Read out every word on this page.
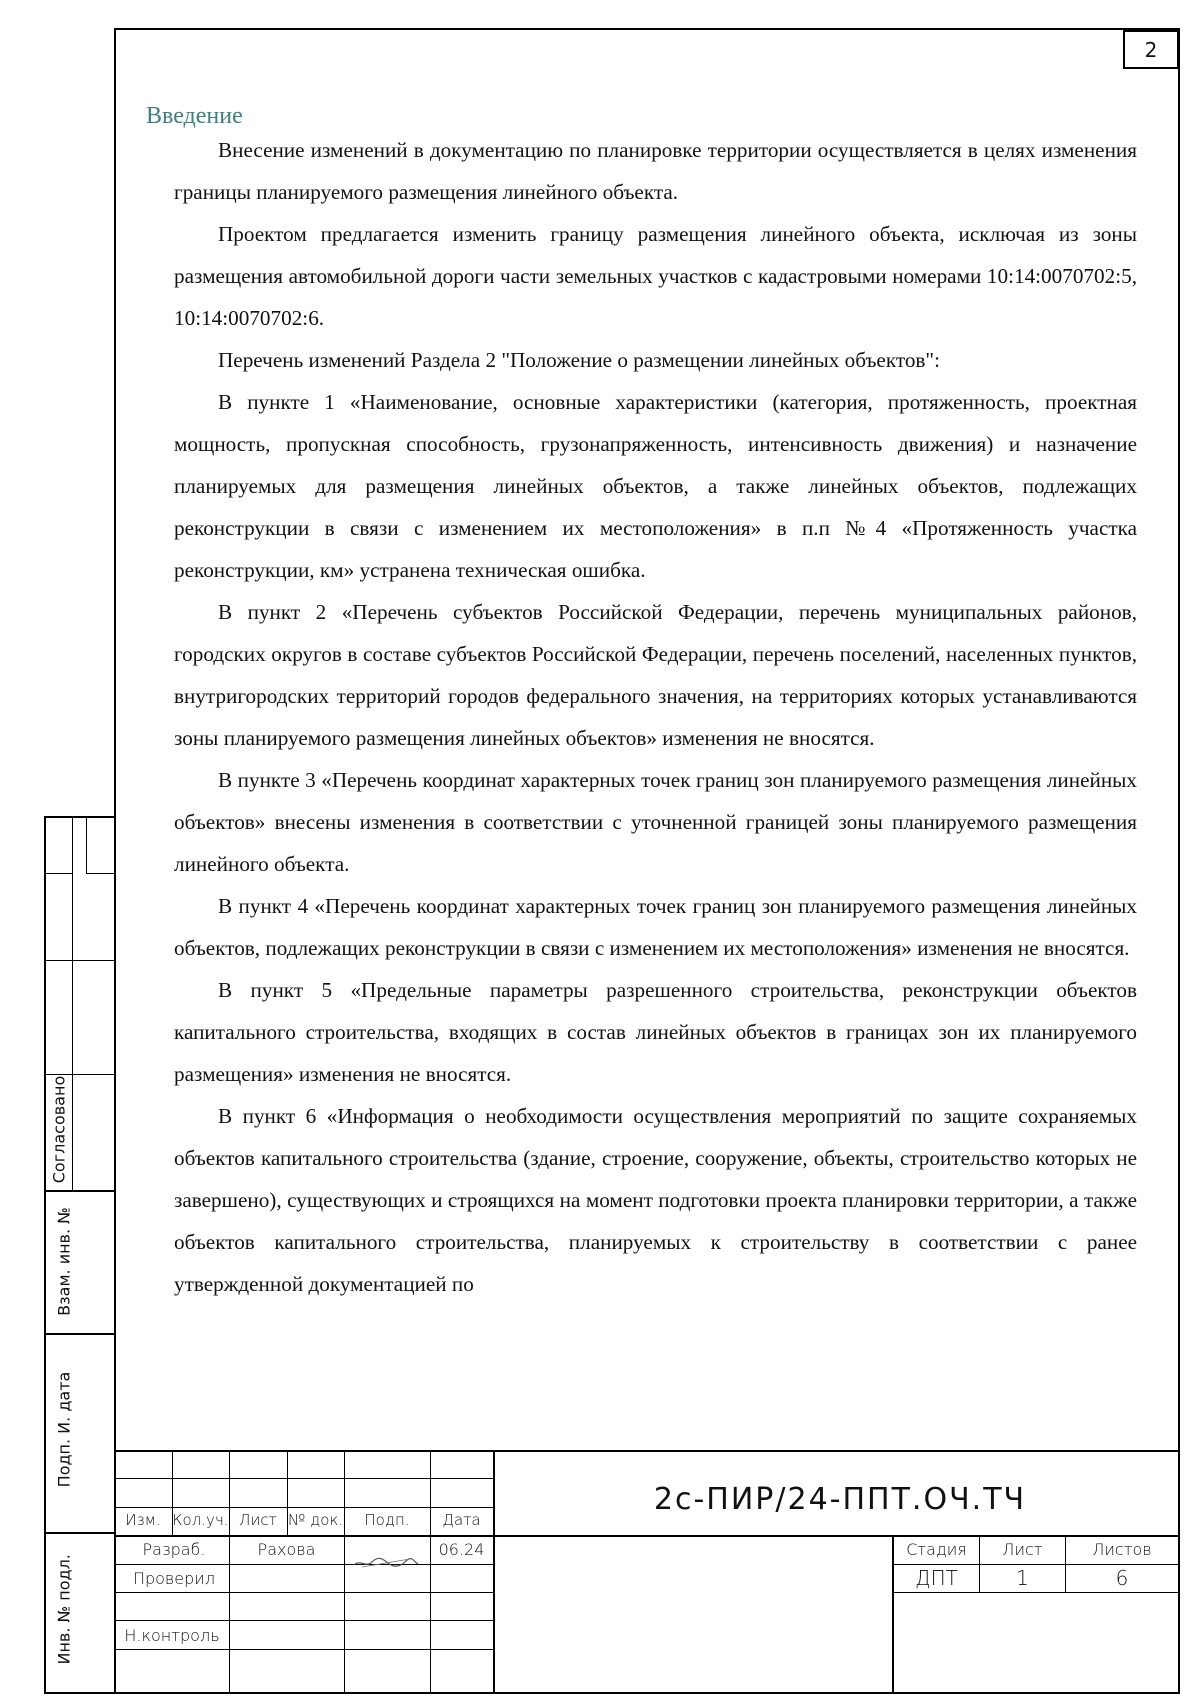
2
Введение

Внесение изменений в документацию по планировке территории осуществляется в целях изменения границы планируемого размещения линейного объекта.

Проектом предлагается изменить границу размещения линейного объекта, исключая из зоны размещения автомобильной дороги части земельных участков с кадастровыми номерами 10:14:0070702:5, 10:14:0070702:6.

Перечень изменений Раздела 2 "Положение о размещении линейных объектов":

В пункте 1 «Наименование, основные характеристики (категория, протяженность, проектная мощность, пропускная способность, грузонапряженность, интенсивность движения) и назначение планируемых для размещения линейных объектов, а также линейных объектов, подлежащих реконструкции в связи с изменением их местоположения» в п.п №4 «Протяженность участка реконструкции, км» устранена техническая ошибка.

В пункт 2 «Перечень субъектов Российской Федерации, перечень муниципальных районов, городских округов в составе субъектов Российской Федерации, перечень поселений, населенных пунктов, внутригородских территорий городов федерального значения, на территориях которых устанавливаются зоны планируемого размещения линейных объектов» изменения не вносятся.

В пункте 3 «Перечень координат характерных точек границ зон планируемого размещения линейных объектов» внесены изменения в соответствии с уточненной границей зоны планируемого размещения линейного объекта.

В пункт 4 «Перечень координат характерных точек границ зон планируемого размещения линейных объектов, подлежащих реконструкции в связи с изменением их местоположения» изменения не вносятся.

В пункт 5 «Предельные параметры разрешенного строительства, реконструкции объектов капитального строительства, входящих в состав линейных объектов в границах зон их планируемого размещения» изменения не вносятся.

В пункт 6 «Информация о необходимости осуществления мероприятий по защите сохраняемых объектов капитального строительства (здание, строение, сооружение, объекты, строительство которых не завершено), существующих и строящихся на момент подготовки проекта планировки территории, а также объектов капитального строительства, планируемых к строительству в соответствии с ранее утвержденной документацией по

Согласовано
Взам. инв. №
Подп. И. дата
Инв. № подл.
Изм. Кол.уч. Лист № док.	Подп.	Дата
2с-ПИР/24-ППТ.ОЧ.ТЧ
Разраб.	Рахова	06.24
Проверил
Н.контроль
Стадия	Лист	Листов
ДПТ	1	6
